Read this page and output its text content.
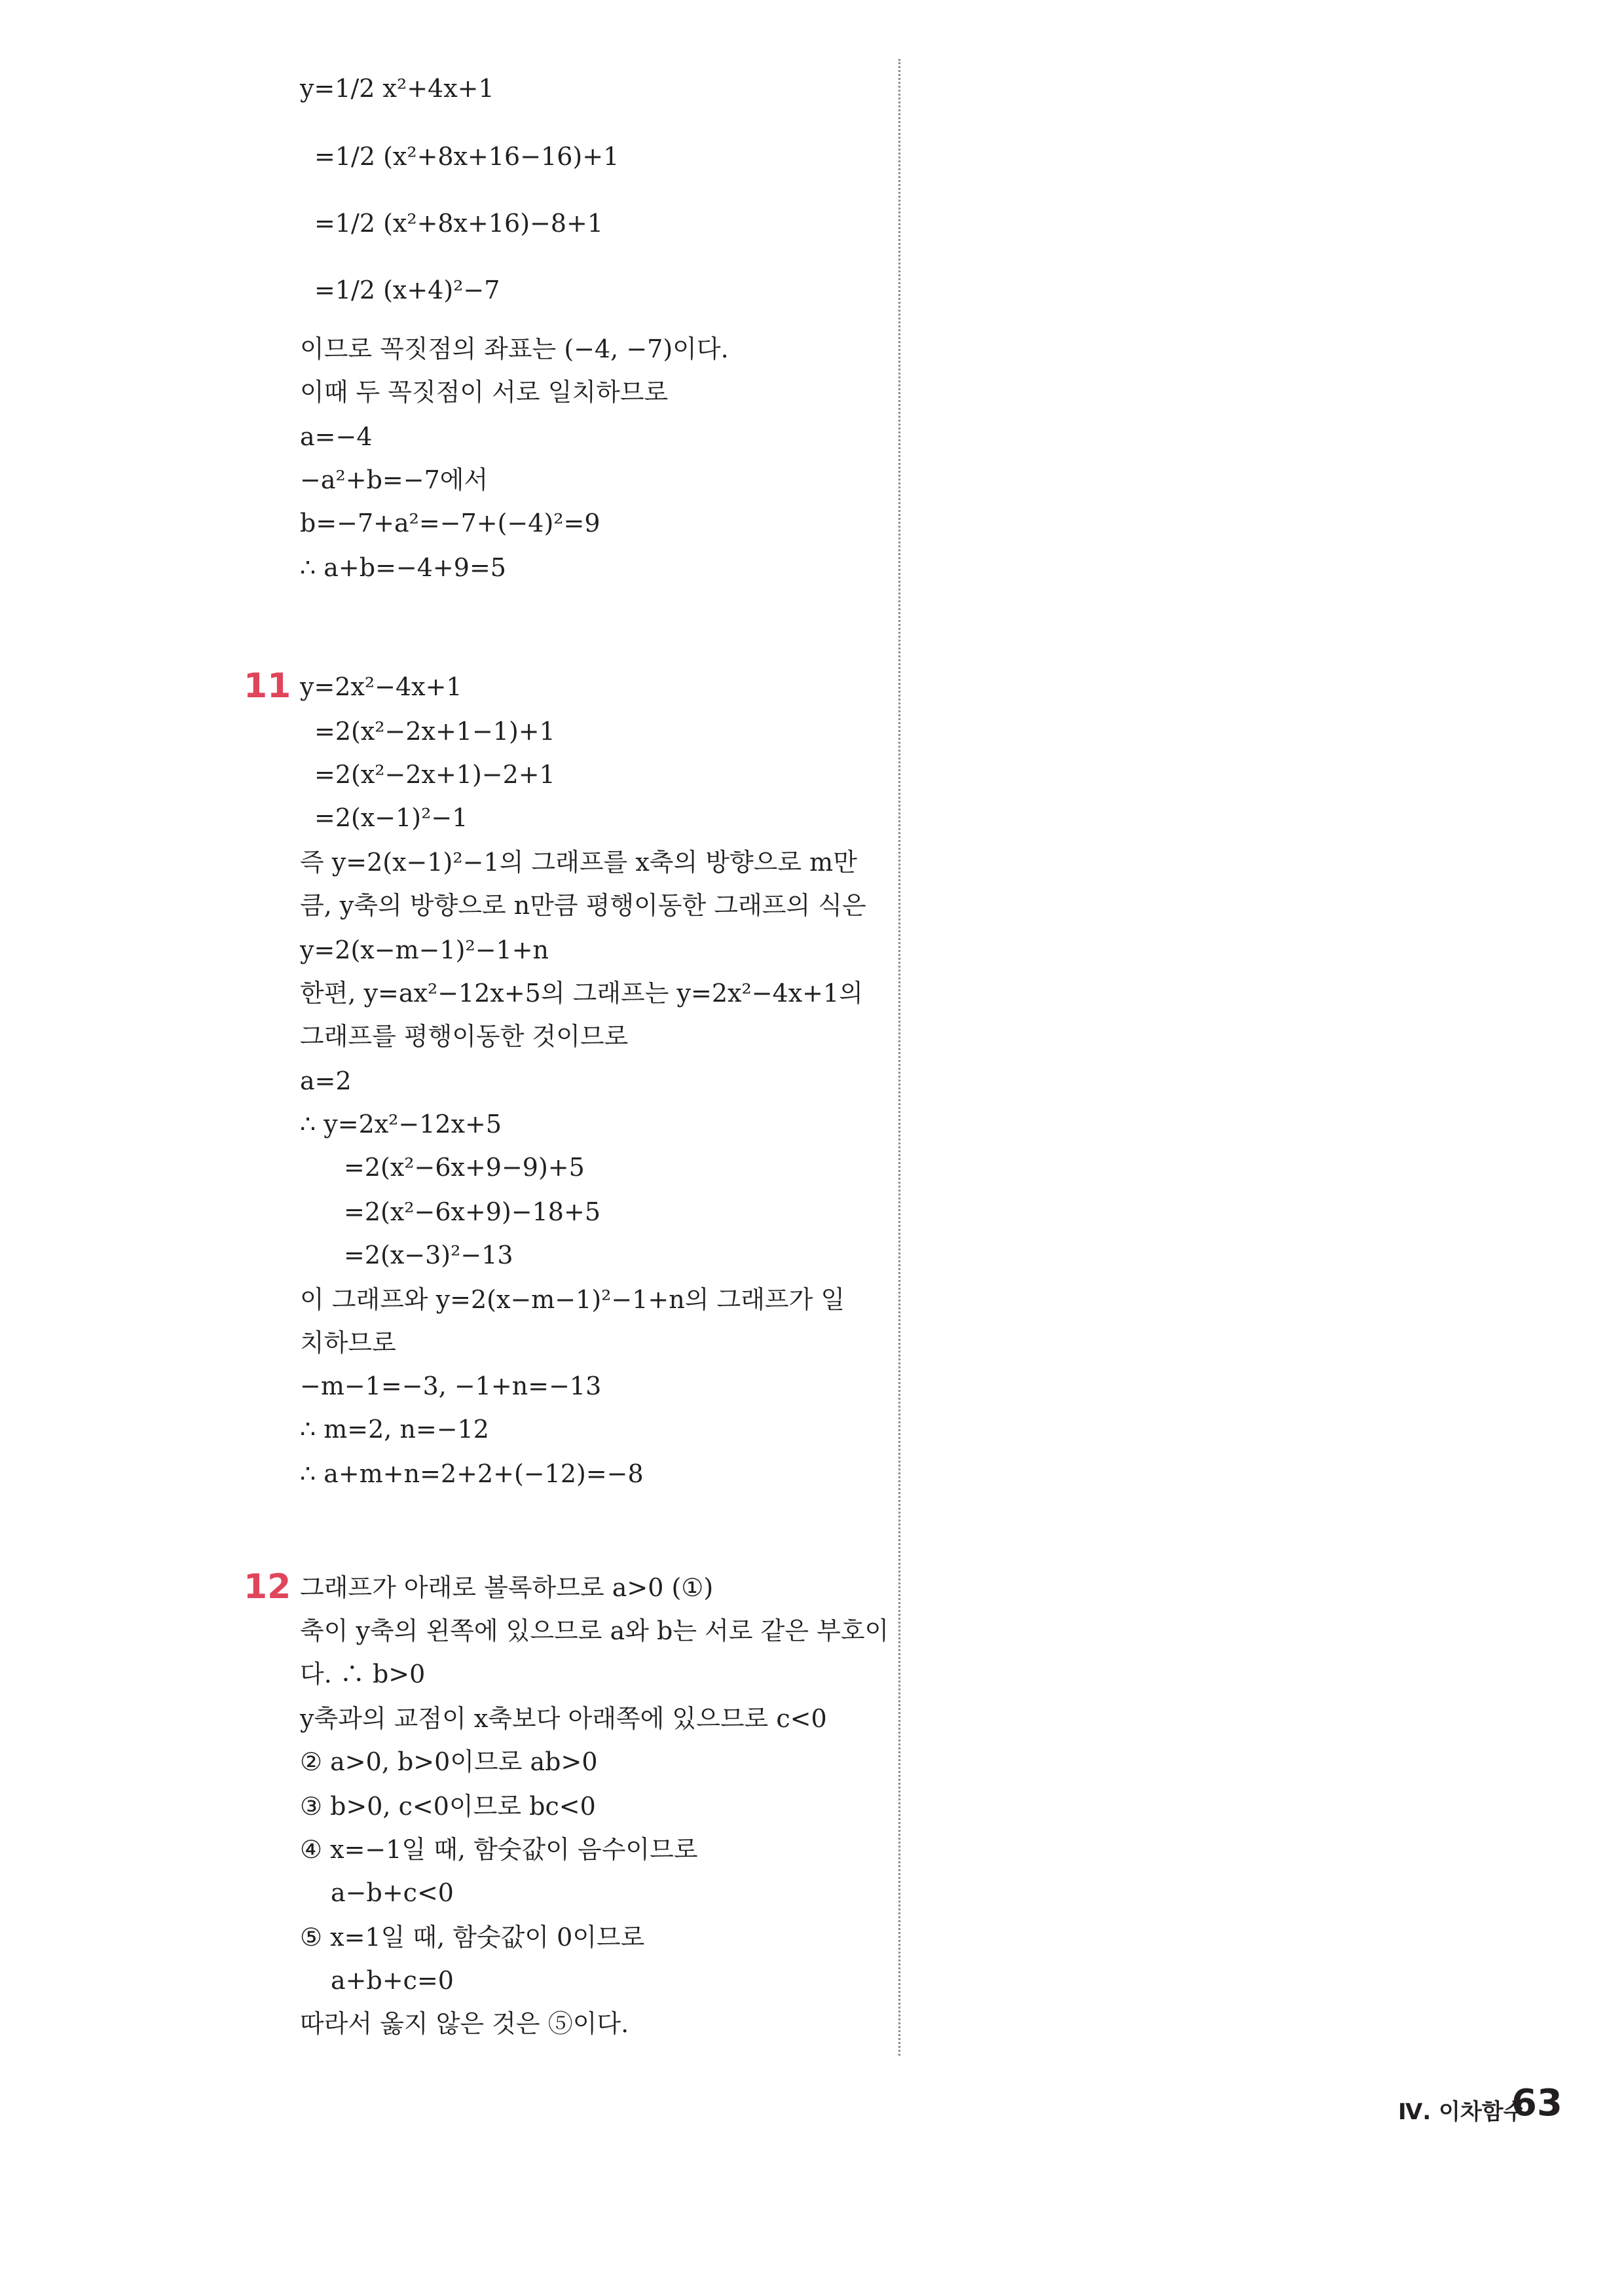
y=1/2 x²+4x+1
=1/2 (x²+8x+16−16)+1
=1/2 (x²+8x+16)−8+1
=1/2 (x+4)²−7
이므로 꼭짓점의 좌표는 (−4, −7)이다.
이때 두 꼭짓점이 서로 일치하므로
a=−4
−a²+b=−7에서
b=−7+a²=−7+(−4)²=9
∴ a+b=−4+9=5
11 y=2x²−4x+1
=2(x²−2x+1−1)+1
=2(x²−2x+1)−2+1
=2(x−1)²−1
즉 y=2(x−1)²−1의 그래프를 x축의 방향으로 m만
큼, y축의 방향으로 n만큼 평행이동한 그래프의 식은
y=2(x−m−1)²−1+n
한편, y=ax²−12x+5의 그래프는 y=2x²−4x+1의
그래프를 평행이동한 것이므로
a=2
∴ y=2x²−12x+5
=2(x²−6x+9−9)+5
=2(x²−6x+9)−18+5
=2(x−3)²−13
이 그래프와 y=2(x−m−1)²−1+n의 그래프가 일
치하므로
−m−1=−3, −1+n=−13
∴ m=2, n=−12
∴ a+m+n=2+2+(−12)=−8
12 그래프가 아래로 볼록하므로 a>0 (①)
축이 y축의 왼쪽에 있으므로 a와 b는 서로 같은 부호이
다. ∴ b>0
y축과의 교점이 x축보다 아래쪽에 있으므로 c<0
② a>0, b>0이므로 ab>0
③ b>0, c<0이므로 bc<0
④ x=−1일 때, 함숫값이 음수이므로
a−b+c<0
⑤ x=1일 때, 함숫값이 0이므로
a+b+c=0
따라서 옳지 않은 것은 ⑤이다.
Ⅳ. 이차함수
63
